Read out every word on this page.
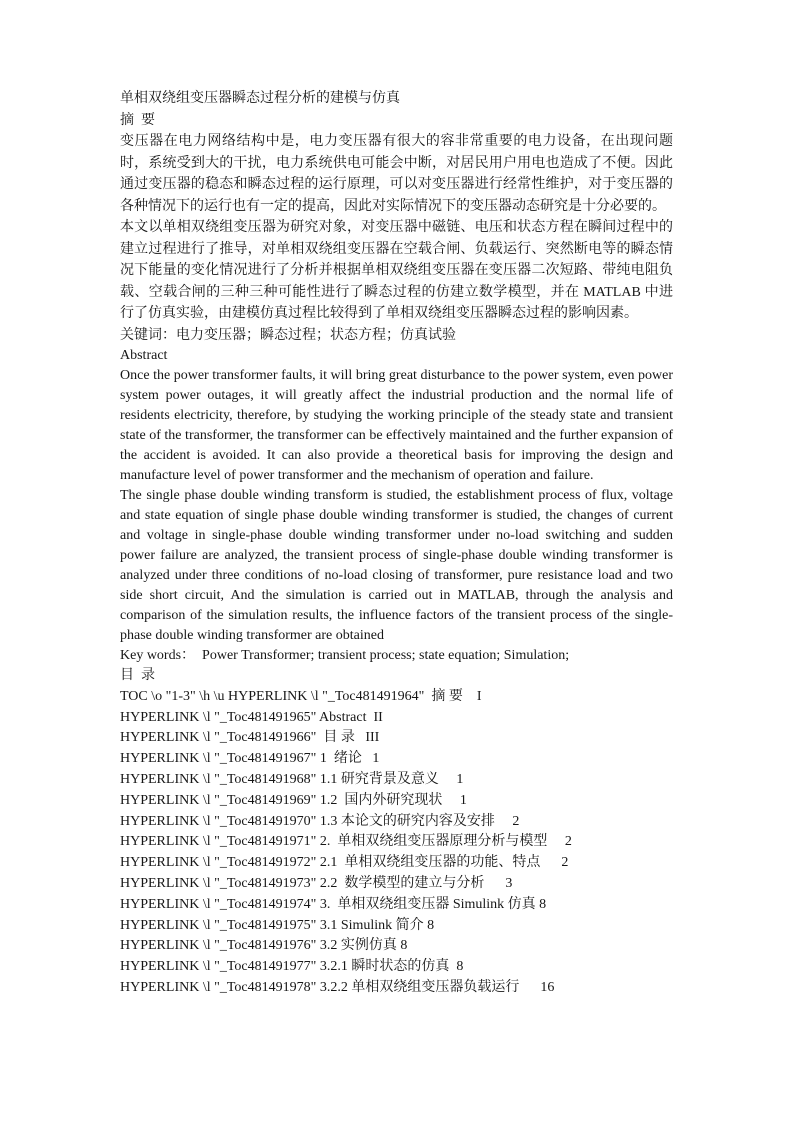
单相双绕组变压器瞬态过程分析的建模与仿真

摘  要

变压器在电力网络结构中是，电力变压器有很大的容非常重要的电力设备，在出现问题时，系统受到大的干扰，电力系统供电可能会中断，对居民用户用电也造成了不便。因此通过变压器的稳态和瞬态过程的运行原理，可以对变压器进行经常性维护，对于变压器的各种情况下的运行也有一定的提高，因此对实际情况下的变压器动态研究是十分必要的。

本文以单相双绕组变压器为研究对象，对变压器中磁链、电压和状态方程在瞬间过程中的建立过程进行了推导，对单相双绕组变压器在空载合闸、负载运行、突然断电等的瞬态情况下能量的变化情况进行了分析并根据单相双绕组变压器在变压器二次短路、带纯电阻负载、空载合闸的三种三种可能性进行了瞬态过程的仿建立数学模型，并在 MATLAB 中进行了仿真实验，由建模仿真过程比较得到了单相双绕组变压器瞬态过程的影响因素。

关键词：电力变压器；瞬态过程；状态方程；仿真试验

Abstract

Once the power transformer faults, it will bring great disturbance to the power system, even power system power outages, it will greatly affect the industrial production and the normal life of residents electricity, therefore, by studying the working principle of the steady state and transient state of the transformer, the transformer can be effectively maintained and the further expansion of the accident is avoided. It can also provide a theoretical basis for improving the design and manufacture level of power transformer and the mechanism of operation and failure.

The single phase double winding transform is studied, the establishment process of flux, voltage and state equation of single phase double winding transformer is studied, the changes of current and voltage in single-phase double winding transformer under no-load switching and sudden power failure are analyzed, the transient process of single-phase double winding transformer is analyzed under three conditions of no-load closing of transformer, pure resistance load and two side short circuit, And the simulation is carried out in MATLAB, through the analysis and comparison of the simulation results, the influence factors of the transient process of the single-phase double winding transformer are obtained

Key words：  Power Transformer; transient process; state equation; Simulation;

目  录

TOC \o "1-3" \h \u HYPERLINK \l "_Toc481491964"  摘 要    I

HYPERLINK \l "_Toc481491965" Abstract  II

HYPERLINK \l "_Toc481491966"  目 录   III

HYPERLINK \l "_Toc481491967" 1  绪论   1

HYPERLINK \l "_Toc481491968" 1.1 研究背景及意义     1

HYPERLINK \l "_Toc481491969" 1.2  国内外研究现状     1

HYPERLINK \l "_Toc481491970" 1.3 本论文的研究内容及安排     2

HYPERLINK \l "_Toc481491971" 2.  单相双绕组变压器原理分析与模型     2

HYPERLINK \l "_Toc481491972" 2.1  单相双绕组变压器的功能、特点      2

HYPERLINK \l "_Toc481491973" 2.2  数学模型的建立与分析      3

HYPERLINK \l "_Toc481491974" 3.  单相双绕组变压器 Simulink 仿真 8

HYPERLINK \l "_Toc481491975" 3.1 Simulink 简介 8

HYPERLINK \l "_Toc481491976" 3.2 实例仿真 8

HYPERLINK \l "_Toc481491977" 3.2.1 瞬时状态的仿真  8

HYPERLINK \l "_Toc481491978" 3.2.2 单相双绕组变压器负载运行      16
